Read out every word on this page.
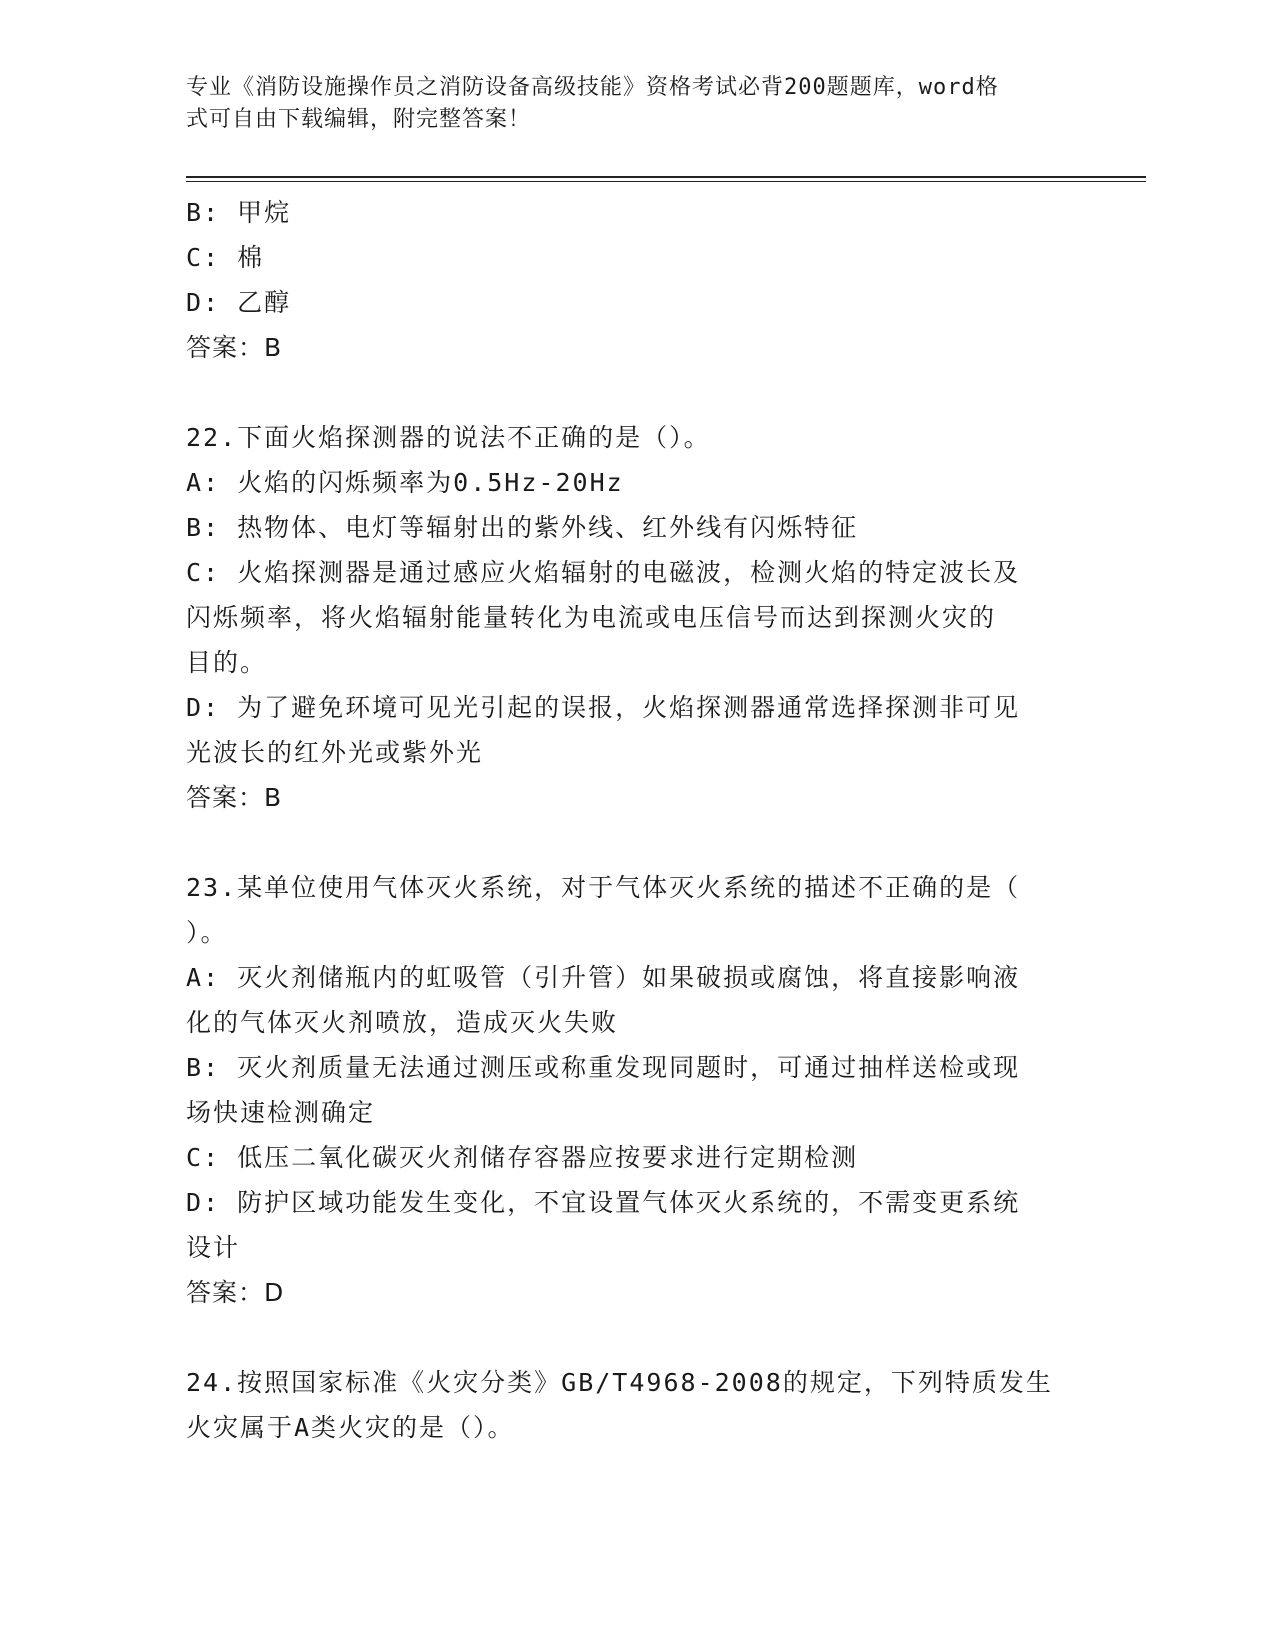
专业《消防设施操作员之消防设备高级技能》资格考试必背200题题库，word格
式可自由下载编辑，附完整答案！

B: 甲烷

C: 棉

D: 乙醇

答案：B

22.下面火焰探测器的说法不正确的是（）。

A: 火焰的闪烁频率为0.5Hz-20Hz

B: 热物体、电灯等辐射出的紫外线、红外线有闪烁特征

C: 火焰探测器是通过感应火焰辐射的电磁波，检测火焰的特定波长及

闪烁频率，将火焰辐射能量转化为电流或电压信号而达到探测火灾的

目的。

D: 为了避免环境可见光引起的误报，火焰探测器通常选择探测非可见

光波长的红外光或紫外光

答案：B

23.某单位使用气体灭火系统，对于气体灭火系统的描述不正确的是（

）。

A: 灭火剂储瓶内的虹吸管（引升管）如果破损或腐蚀，将直接影响液

化的气体灭火剂喷放，造成灭火失败

B: 灭火剂质量无法通过测压或称重发现同题时，可通过抽样送检或现

场快速检测确定

C: 低压二氧化碳灭火剂储存容器应按要求进行定期检测

D: 防护区域功能发生变化，不宜设置气体灭火系统的，不需变更系统

设计

答案：D

24.按照国家标准《火灾分类》GB/T4968-2008的规定，下列特质发生

火灾属于A类火灾的是（）。
